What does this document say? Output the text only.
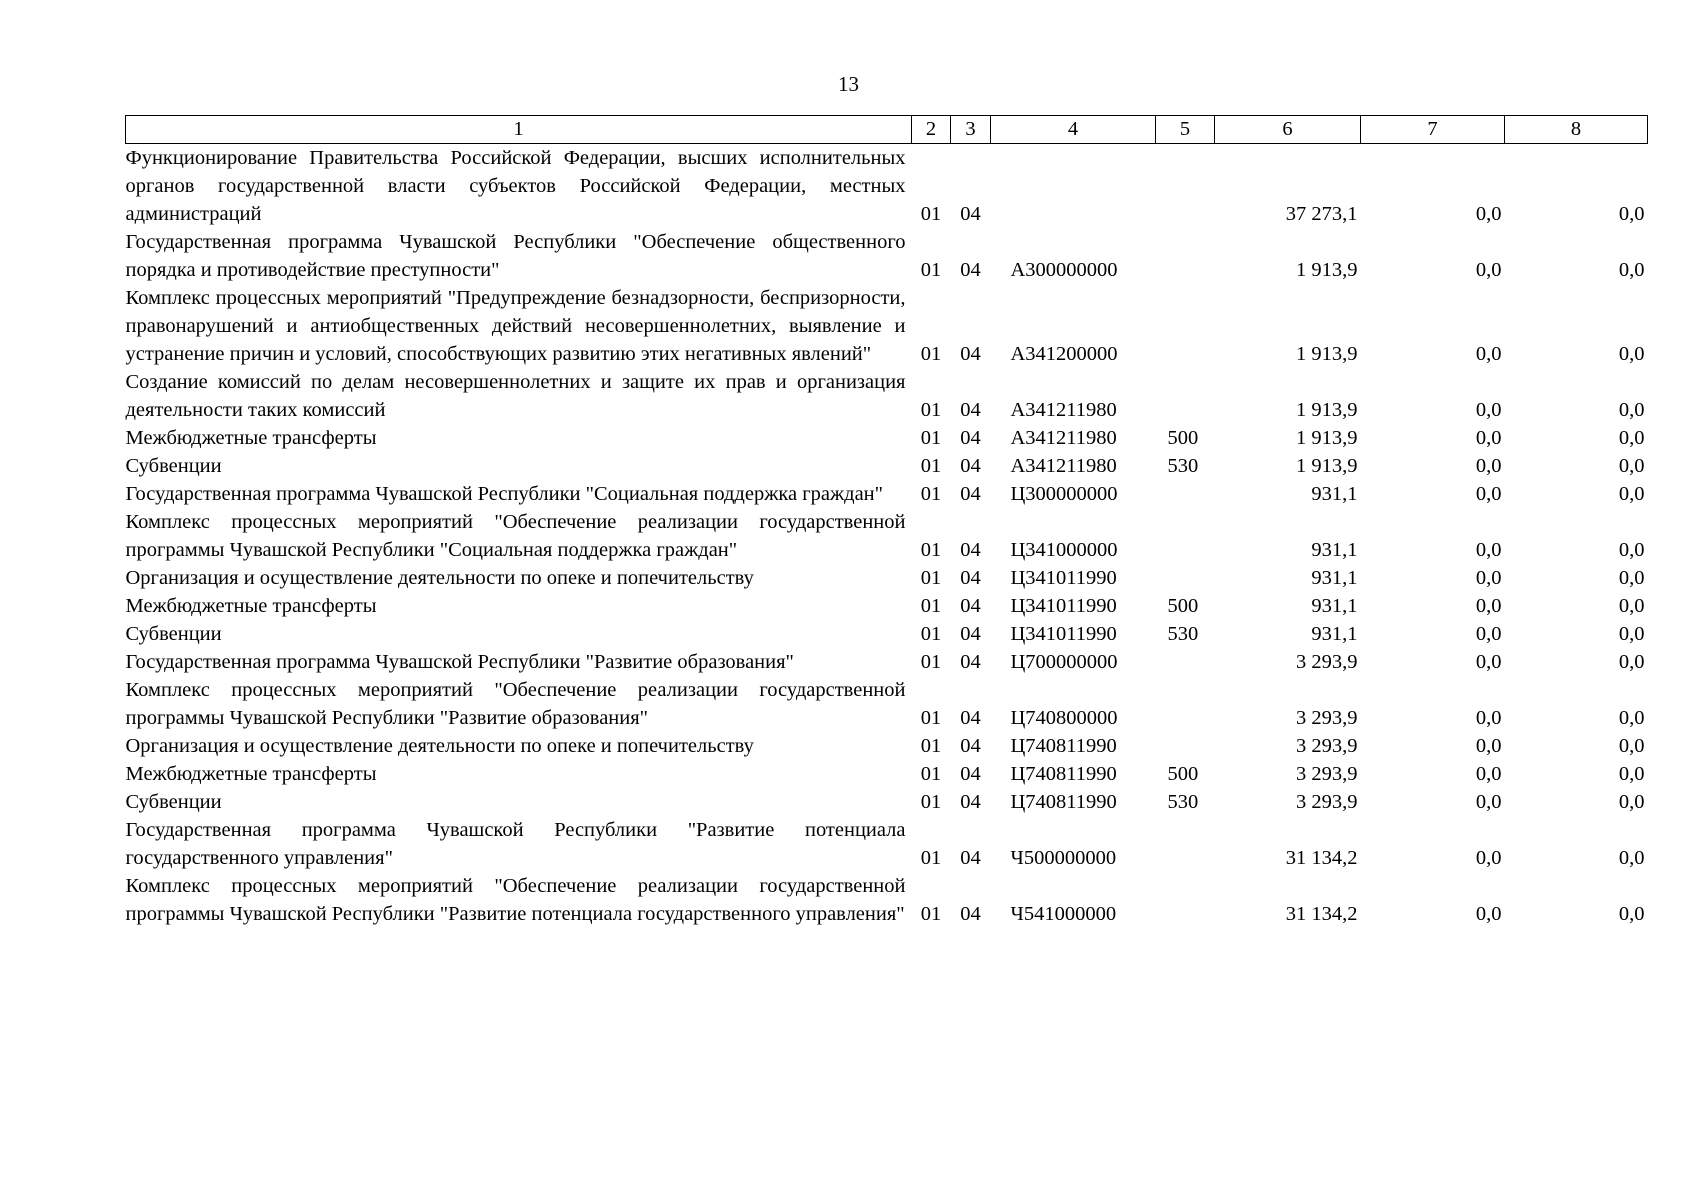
13
1	2	3	4	5	6	7	8
Функционирование Правительства Российской Федерации, высших исполнительных органов государственной власти субъектов Российской Федерации, местных администраций	01	04			37 273,1	0,0	0,0
Государственная программа Чувашской Республики "Обеспечение общественного порядка и противодействие преступности"	01	04	А300000000		1 913,9	0,0	0,0
Комплекс процессных мероприятий "Предупреждение безнадзорности, беспризорности, правонарушений и антиобщественных действий несовершеннолетних, выявление и устранение причин и условий, способствующих развитию этих негативных явлений"	01	04	А341200000		1 913,9	0,0	0,0
Создание комиссий по делам несовершеннолетних и защите их прав и организация деятельности таких комиссий	01	04	А341211980		1 913,9	0,0	0,0
Межбюджетные трансферты	01	04	А341211980	500	1 913,9	0,0	0,0
Субвенции	01	04	А341211980	530	1 913,9	0,0	0,0
Государственная программа Чувашской Республики "Социальная поддержка граждан"	01	04	Ц300000000		931,1	0,0	0,0
Комплекс процессных мероприятий "Обеспечение реализации государственной программы Чувашской Республики "Социальная поддержка граждан"	01	04	Ц341000000		931,1	0,0	0,0
Организация и осуществление деятельности по опеке и попечительству	01	04	Ц341011990		931,1	0,0	0,0
Межбюджетные трансферты	01	04	Ц341011990	500	931,1	0,0	0,0
Субвенции	01	04	Ц341011990	530	931,1	0,0	0,0
Государственная программа Чувашской Республики "Развитие образования"	01	04	Ц700000000		3 293,9	0,0	0,0
Комплекс процессных мероприятий "Обеспечение реализации государственной программы Чувашской Республики "Развитие образования"	01	04	Ц740800000		3 293,9	0,0	0,0
Организация и осуществление деятельности по опеке и попечительству	01	04	Ц740811990		3 293,9	0,0	0,0
Межбюджетные трансферты	01	04	Ц740811990	500	3 293,9	0,0	0,0
Субвенции	01	04	Ц740811990	530	3 293,9	0,0	0,0
Государственная программа Чувашской Республики "Развитие потенциала государственного управления"	01	04	Ч500000000		31 134,2	0,0	0,0
Комплекс процессных мероприятий "Обеспечение реализации государственной программы Чувашской Республики "Развитие потенциала государственного управления"	01	04	Ч541000000		31 134,2	0,0	0,0
